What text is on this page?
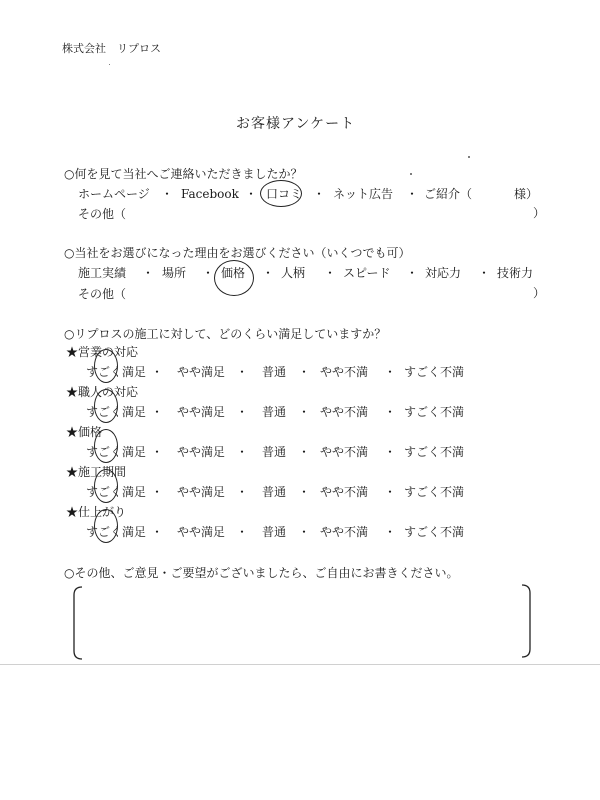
株式会社　リプロス
お客様アンケート
○何を見て当社へご連絡いただきましたか？
ホームページ ・ Facebook ・ 口コミ ・ ネット広告 ・ ご紹介（	様）
その他（	）
○当社をお選びになった理由をお選びください（いくつでも可）
施工実績 ・ 場所 ・ 価格 ・ 人柄 ・ スピード ・ 対応力 ・ 技術力
その他（	）
○リプロスの施工に対して、どのくらい満足していますか？
★営業の対応
すごく満足	やや満足	普通	やや不満	すごく不満
・	・	・	・
★職人の対応
すごく満足	やや満足	普通	やや不満	すごく不満
・	・	・	・
★価格
すごく満足	やや満足	普通	やや不満	すごく不満
・	・	・	・
★施工期間
すごく満足	やや満足	普通	やや不満	すごく不満
・	・	・	・
★仕上がり
すごく満足	やや満足	普通	やや不満	すごく不満
・	・	・	・
○その他、ご意見・ご要望がございましたら、ご自由にお書きください。
